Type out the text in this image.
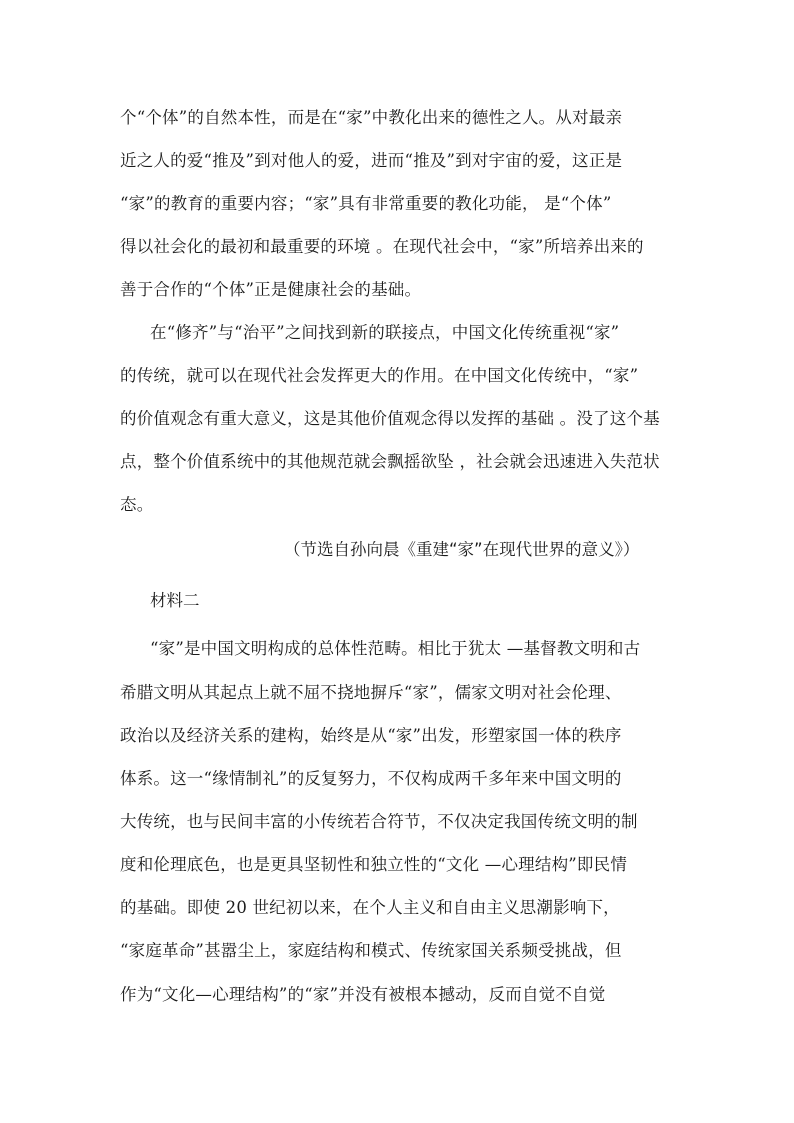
个“个体”的自然本性，而是在“家”中教化出来的德性之人。从对最亲
近之人的爱“推及”到对他人的爱，进而“推及”到对宇宙的爱，这正是
“家”的教育的重要内容；“家”具有非常重要的教化功能， 是“个体”
得以社会化的最初和最重要的环境 。在现代社会中，“家”所培养出来的
善于合作的“个体”正是健康社会的基础。
在“修齐”与“治平”之间找到新的联接点，中国文化传统重视“家”
的传统，就可以在现代社会发挥更大的作用。在中国文化传统中，“家”
的价值观念有重大意义，这是其他价值观念得以发挥的基础 。没了这个基
点，整个价值系统中的其他规范就会飘摇欲坠 ，社会就会迅速进入失范状
态。
（节选自孙向晨《重建“家”在现代世界的意义》）
材料二
“家”是中国文明构成的总体性范畴。相比于犹太 —基督教文明和古
希腊文明从其起点上就不屈不挠地摒斥“家”，儒家文明对社会伦理、
政治以及经济关系的建构，始终是从“家”出发，形塑家国一体的秩序
体系。这一“缘情制礼”的反复努力，不仅构成两千多年来中国文明的
大传统，也与民间丰富的小传统若合符节，不仅决定我国传统文明的制
度和伦理底色，也是更具坚韧性和独立性的“文化 —心理结构”即民情
的基础。即使 20 世纪初以来，在个人主义和自由主义思潮影响下，
“家庭革命”甚嚣尘上，家庭结构和模式、传统家国关系频受挑战，但
作为“文化—心理结构”的“家”并没有被根本撼动，反而自觉不自觉
